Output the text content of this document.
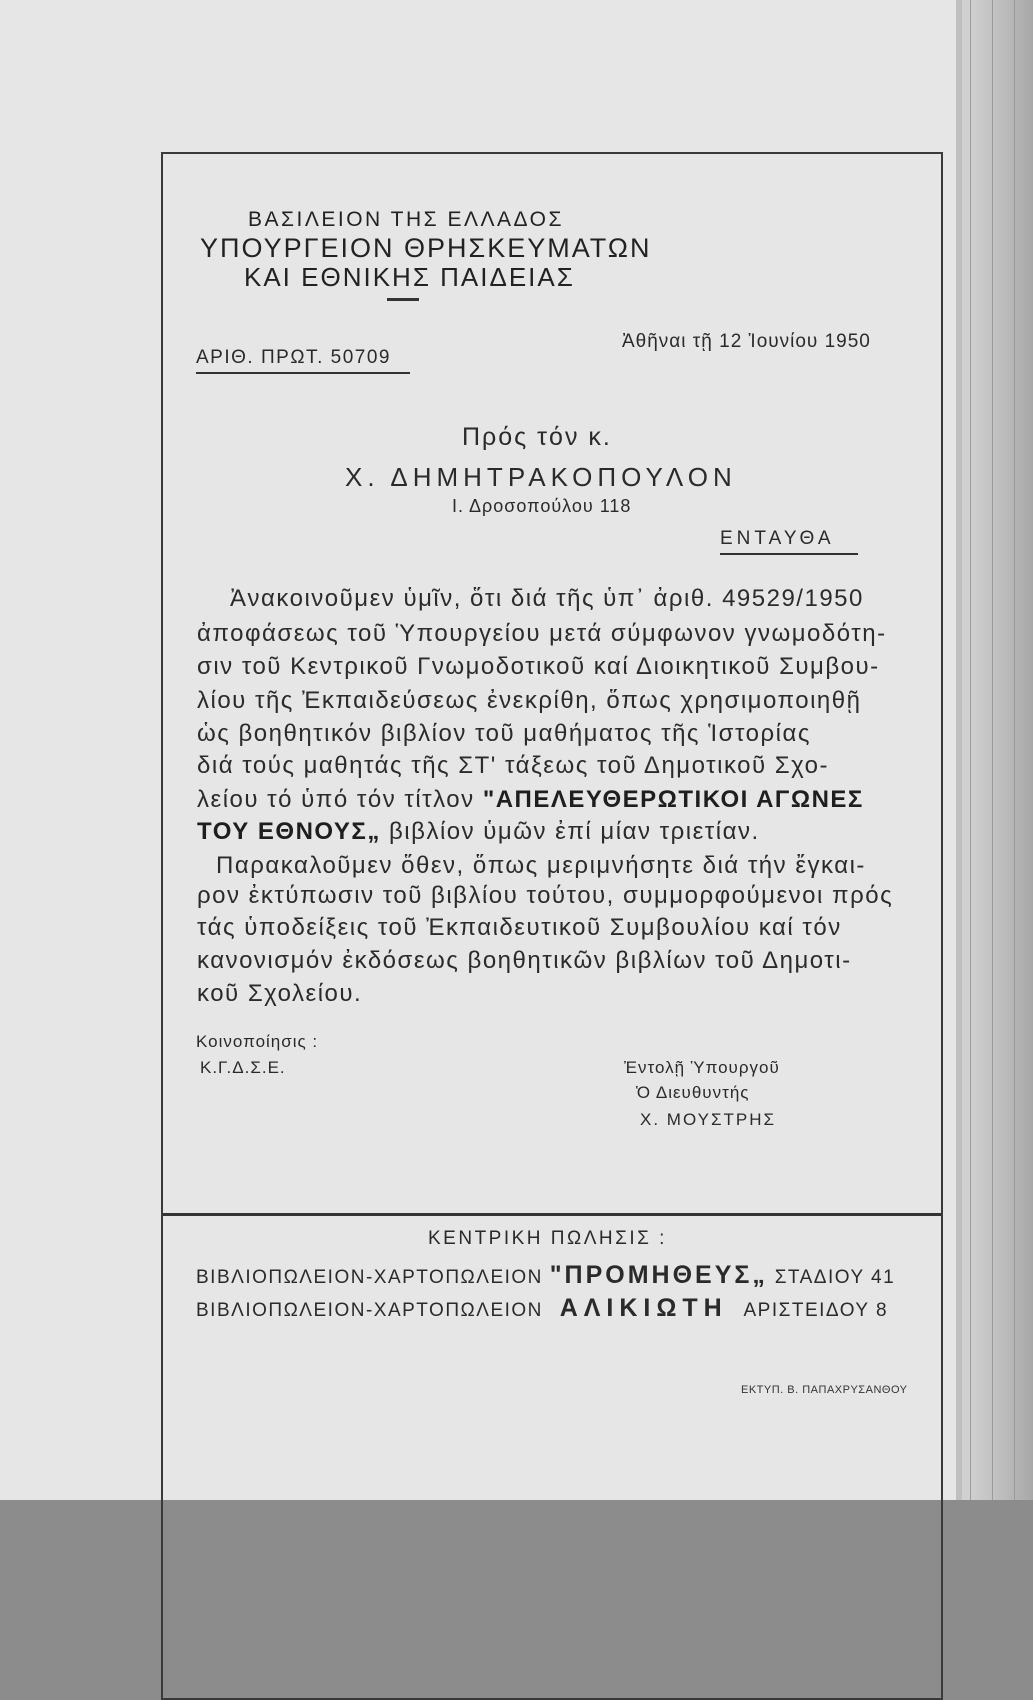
ΒΑΣΙΛΕΙΟΝ ΤΗΣ ΕΛΛΑΔΟΣ
ΥΠΟΥΡΓΕΙΟΝ ΘΡΗΣΚΕΥΜΑΤΩΝ
ΚΑΙ ΕΘΝΙΚΗΣ ΠΑΙΔΕΙΑΣ
ΑΡΙΘ. ΠΡΩΤ. 50709
Ἀθῆναι τῇ 12 Ἰουνίου 1950
Πρός τόν κ.
Χ. ΔΗΜΗΤΡΑΚΟΠΟΥΛΟΝ
Ι. Δροσοπούλου 118
ΕΝΤΑΥΘΑ
Ἀνακοινοῦμεν ὑμῖν, ὅτι διά τῆς ὑπ᾽ ἀριθ. 49529/1950
ἀποφάσεως τοῦ Ὑπουργείου μετά σύμφωνον γνωμοδότη-
σιν τοῦ Κεντρικοῦ Γνωμοδοτικοῦ καί Διοικητικοῦ Συμβου-
λίου τῆς Ἐκπαιδεύσεως ἐνεκρίθη, ὅπως χρησιμοποιηθῇ
ὡς βοηθητικόν βιβλίον τοῦ μαθήματος τῆς Ἱστορίας
διά τούς μαθητάς τῆς ΣΤ' τάξεως τοῦ Δημοτικοῦ Σχο-
λείου τό ὑπό τόν τίτλον "ΑΠΕΛΕΥΘΕΡΩΤΙΚΟΙ ΑΓΩΝΕΣ
ΤΟΥ ΕΘΝΟΥΣ„ βιβλίον ὑμῶν ἐπί μίαν τριετίαν.
Παρακαλοῦμεν ὅθεν, ὅπως μεριμνήσητε διά τήν ἔγκαι-
ρον ἐκτύπωσιν τοῦ βιβλίου τούτου, συμμορφούμενοι πρός
τάς ὑποδείξεις τοῦ Ἐκπαιδευτικοῦ Συμβουλίου καί τόν
κανονισμόν ἐκδόσεως βοηθητικῶν βιβλίων τοῦ Δημοτι-
κοῦ Σχολείου.
Κοινοποίησις :
Κ.Γ.Δ.Σ.Ε.	Ἐντολῇ Ὑπουργοῦ
Ὁ Διευθυντής
Χ. ΜΟΥΣΤΡΗΣ
ΚΕΝΤΡΙΚΗ ΠΩΛΗΣΙΣ :
ΒΙΒΛΙΟΠΩΛΕΙΟΝ-ΧΑΡΤΟΠΩΛΕΙΟΝ "ΠΡΟΜΗΘΕΥΣ„ ΣΤΑΔΙΟΥ 41
ΒΙΒΛΙΟΠΩΛΕΙΟΝ-ΧΑΡΤΟΠΩΛΕΙΟΝ ΑΛΙΚΙΩΤΗ ΑΡΙΣΤΕΙΔΟΥ 8
ΕΚΤΥΠ. Β. ΠΑΠΑΧΡΥΣΑΝΘΟΥ
